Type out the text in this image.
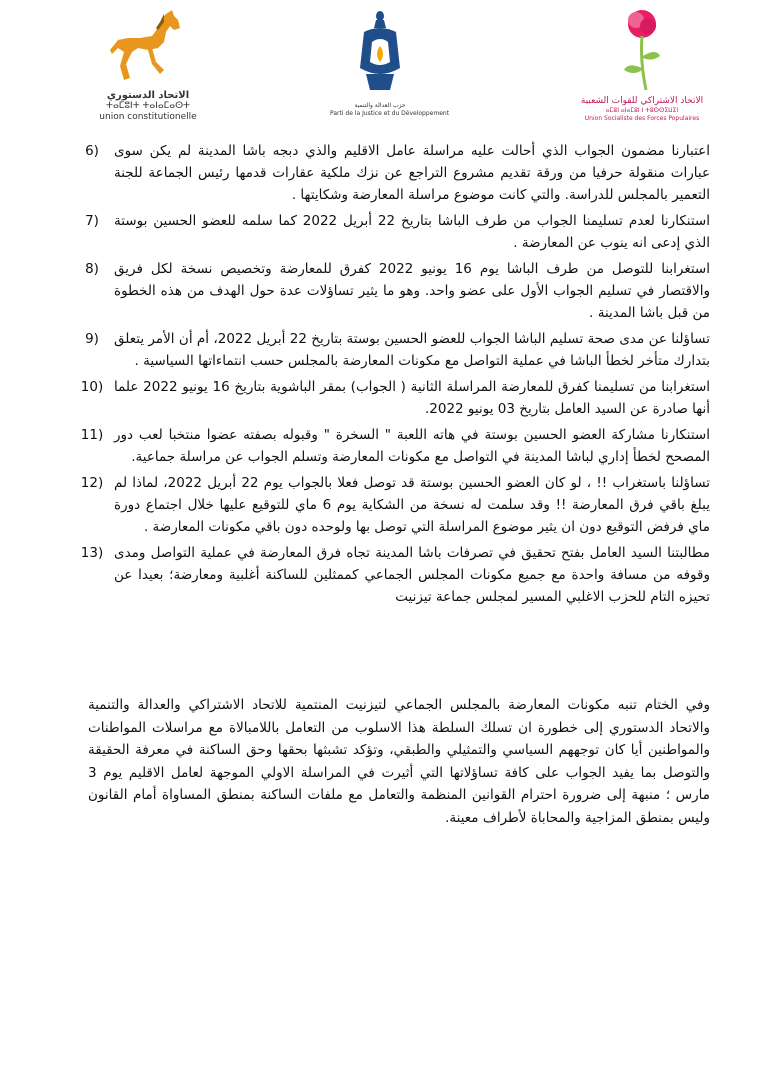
الاتحاد الدستوري
ⵜⴰⵎⵓⵏⵜ ⵜⴰⵏⴰⵎⴰⵙⵜ
union constitutionelle
حزب العدالة والتنمية
Parti de la Justice et du Développement
الاتحاد الاشتراكي للقوات الشعبية
ⴰⵎⵓⵏ ⴰⵏⴰⵎⵓⵏ ⵏ ⵜⵓⵙⵙⵉⵡⵉⵏ
Union Socialiste des Forces Populaires
6)	اعتبارنا مضمون الجواب الذي أحالت عليه مراسلة عامل الاقليم والذي دبجه باشا المدينة لم يكن سوى عبارات منقولة حرفيا من ورقة تقديم مشروع التراجع عن نزك ملكية عقارات قدمها رئيس الجماعة للجنة التعمير بالمجلس للدراسة. والتي كانت موضوع مراسلة المعارضة وشكايتها .
7)	استنكارنا لعدم تسليمنا الجواب من طرف الباشا بتاريخ 22 أبريل 2022 كما سلمه للعضو الحسين بوستة الذي إدعى انه ينوب عن المعارضة .
8)	استغرابنا للتوصل من طرف الباشا يوم 16 يونيو 2022 كفرق للمعارضة وتخصيص نسخة لكل فريق والاقتصار في تسليم الجواب الأول على عضو واحد. وهو ما يثير تساؤلات عدة حول الهدف من هذه الخطوة من قبل باشا المدينة .
9)	تساؤلنا عن مدى صحة تسليم الباشا الجواب للعضو الحسين بوستة بتاريخ 22 أبريل 2022، أم أن الأمر يتعلق بتدارك متأخر لخطأ الباشا في عملية التواصل مع مكونات المعارضة بالمجلس حسب انتماءاتها السياسية .
10) استغرابنا من تسليمنا كفرق للمعارضة المراسلة الثانية ( الجواب) بمقر الباشوية بتاريخ 16 يونيو 2022 علما أنها صادرة عن السيد العامل بتاريخ 03 يونيو 2022.
11) استنكارنا مشاركة العضو الحسين بوستة في هاته اللعبة " السخرة " وقبوله بصفته عضوا منتخبا لعب دور المصحح لخطأ إداري لباشا المدينة في التواصل مع مكونات المعارضة وتسلم الجواب عن مراسلة جماعية.
12) تساؤلنا باستغراب !! ، لو كان العضو الحسين بوستة قد توصل فعلا بالجواب يوم 22 أبريل 2022، لماذا لم يبلغ باقي فرق المعارضة !! وقد سلمت له نسخة من الشكاية يوم 6 ماي للتوقيع عليها خلال اجتماع دورة ماي فرفض التوقيع دون ان يثير موضوع المراسلة التي توصل بها ولوحده دون باقي مكونات المعارضة .
13) مطالبتنا السيد العامل بفتح تحقيق في تصرفات باشا المدينة تجاه فرق المعارضة في عملية التواصل ومدى وقوفه من مسافة واحدة مع جميع مكونات المجلس الجماعي كممثلين للساكنة أغلبية ومعارضة؛ بعيدا عن تحيزه التام للحزب الاغلبي المسير لمجلس جماعة تيزنيت
وفي الختام تنبه مكونات المعارضة بالمجلس الجماعي لتيزنيت المنتمية للاتحاد الاشتراكي والعدالة والتنمية والاتحاد الدستوري إلى خطورة ان تسلك السلطة هذا الاسلوب من التعامل باللامبالاة مع مراسلات المواطنات والمواطنين أيا كان توجههم السياسي والتمثيلي والطبقي، وتؤكد تشبثها بحقها وحق الساكنة في معرفة الحقيقة والتوصل بما يفيد الجواب على كافة تساؤلاتها التي أثيرت في المراسلة الاولي الموجهة لعامل الاقليم يوم 3 مارس ؛ منبهة إلى ضرورة احترام القوانين المنظمة والتعامل مع ملفات الساكنة بمنطق المساواة أمام القانون وليس بمنطق المزاجية والمحاباة لأطراف معينة.
